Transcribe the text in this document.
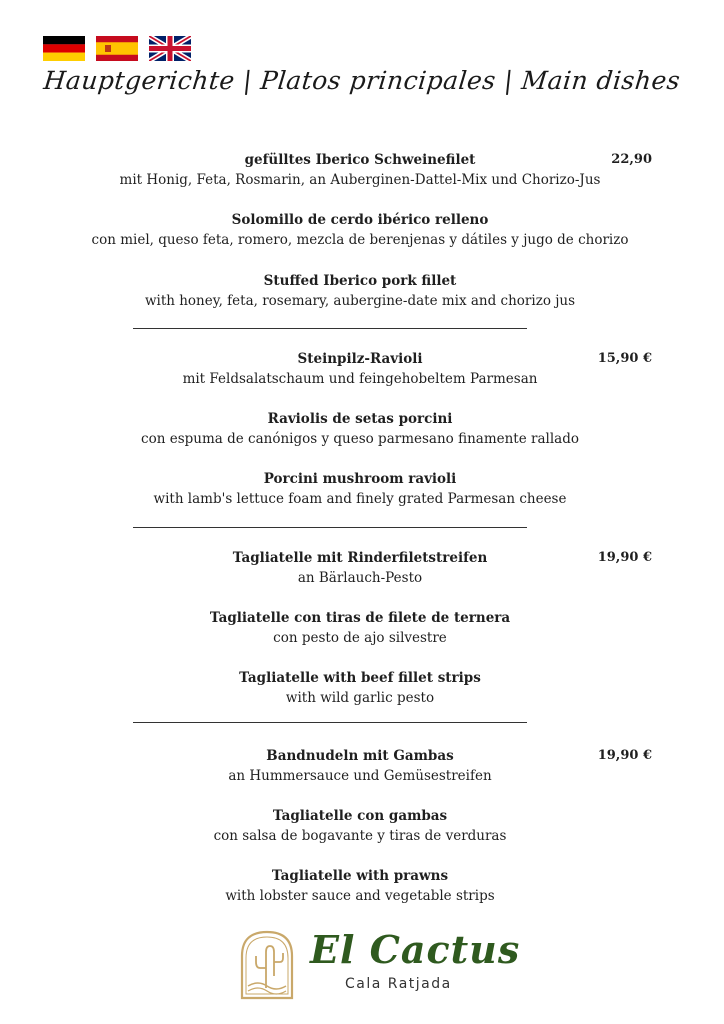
Hauptgerichte | Platos principales | Main dishes
22,90
gefülltes Iberico Schweinefilet
mit Honig, Feta, Rosmarin, an Auberginen-Dattel-Mix und Chorizo-Jus
Solomillo de cerdo ibérico relleno
con miel, queso feta, romero, mezcla de berenjenas y dátiles y jugo de chorizo
Stuffed Iberico pork fillet
with honey, feta, rosemary, aubergine-date mix and chorizo jus
15,90 €
Steinpilz-Ravioli
mit Feldsalatschaum und feingehobeltem Parmesan
Raviolis de setas porcini
con espuma de canónigos y queso parmesano finamente rallado
Porcini mushroom ravioli
with lamb's lettuce foam and finely grated Parmesan cheese
19,90 €
Tagliatelle mit Rinderfiletstreifen
an Bärlauch-Pesto
Tagliatelle con tiras de filete de ternera
con pesto de ajo silvestre
Tagliatelle with beef fillet strips
with wild garlic pesto
19,90 €
Bandnudeln mit Gambas
an Hummersauce und Gemüsestreifen
Tagliatelle con gambas
con salsa de bogavante y tiras de verduras
Tagliatelle with prawns
with lobster sauce and vegetable strips
El Cactus
Cala Ratjada
